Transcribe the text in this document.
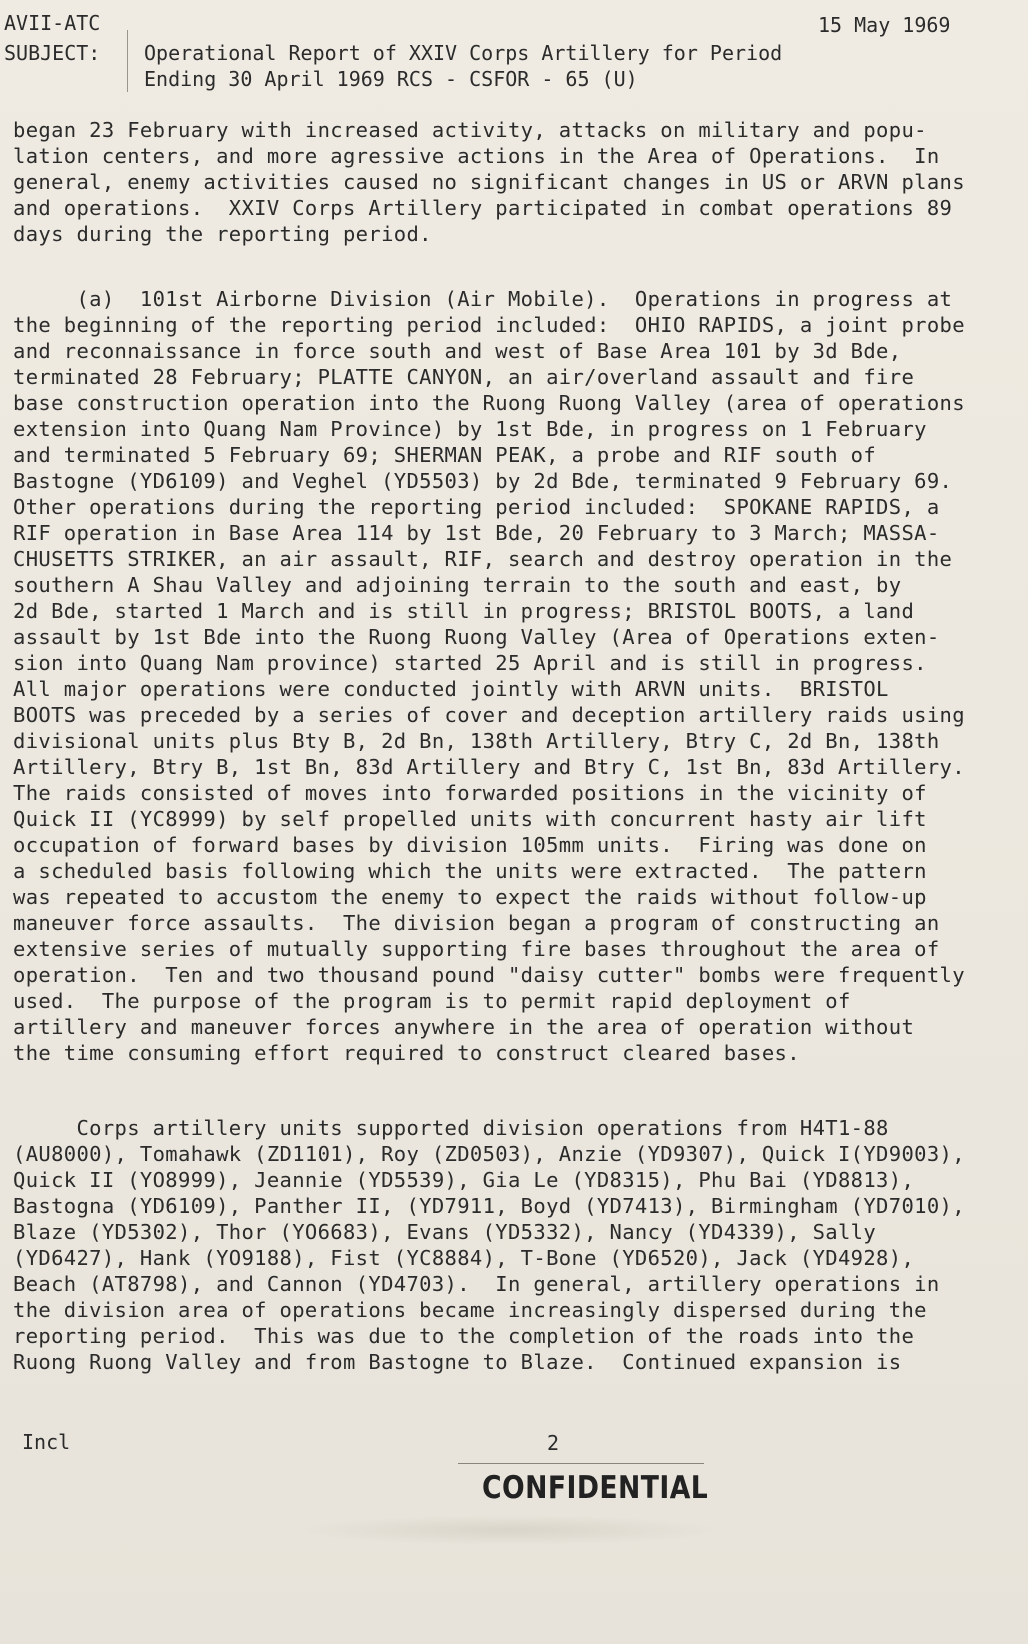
AVII-ATC	15 May 1969
SUBJECT: Operational Report of XXIV Corps Artillery for Period
Ending 30 April 1969 RCS - CSFOR - 65 (U)
began 23 February with increased activity, attacks on military and popu-
lation centers, and more agressive actions in the Area of Operations.  In
general, enemy activities caused no significant changes in US or ARVN plans
and operations.  XXIV Corps Artillery participated in combat operations 89
days during the reporting period.
(a)  101st Airborne Division (Air Mobile).  Operations in progress at
the beginning of the reporting period included:  OHIO RAPIDS, a joint probe
and reconnaissance in force south and west of Base Area 101 by 3d Bde,
terminated 28 February; PLATTE CANYON, an air/overland assault and fire
base construction operation into the Ruong Ruong Valley (area of operations
extension into Quang Nam Province) by 1st Bde, in progress on 1 February
and terminated 5 February 69; SHERMAN PEAK, a probe and RIF south of
Bastogne (YD6109) and Veghel (YD5503) by 2d Bde, terminated 9 February 69.
Other operations during the reporting period included:  SPOKANE RAPIDS, a
RIF operation in Base Area 114 by 1st Bde, 20 February to 3 March; MASSA-
CHUSETTS STRIKER, an air assault, RIF, search and destroy operation in the
southern A Shau Valley and adjoining terrain to the south and east, by
2d Bde, started 1 March and is still in progress; BRISTOL BOOTS, a land
assault by 1st Bde into the Ruong Ruong Valley (Area of Operations exten-
sion into Quang Nam province) started 25 April and is still in progress.
All major operations were conducted jointly with ARVN units.  BRISTOL
BOOTS was preceded by a series of cover and deception artillery raids using
divisional units plus Bty B, 2d Bn, 138th Artillery, Btry C, 2d Bn, 138th
Artillery, Btry B, 1st Bn, 83d Artillery and Btry C, 1st Bn, 83d Artillery.
The raids consisted of moves into forwarded positions in the vicinity of
Quick II (YC8999) by self propelled units with concurrent hasty air lift
occupation of forward bases by division 105mm units.  Firing was done on
a scheduled basis following which the units were extracted.  The pattern
was repeated to accustom the enemy to expect the raids without follow-up
maneuver force assaults.  The division began a program of constructing an
extensive series of mutually supporting fire bases throughout the area of
operation.  Ten and two thousand pound "daisy cutter" bombs were frequently
used.  The purpose of the program is to permit rapid deployment of
artillery and maneuver forces anywhere in the area of operation without
the time consuming effort required to construct cleared bases.
Corps artillery units supported division operations from H4T1-88
(AU8000), Tomahawk (ZD1101), Roy (ZD0503), Anzie (YD9307), Quick I(YD9003),
Quick II (YO8999), Jeannie (YD5539), Gia Le (YD8315), Phu Bai (YD8813),
Bastogna (YD6109), Panther II, (YD7911, Boyd (YD7413), Birmingham (YD7010),
Blaze (YD5302), Thor (YO6683), Evans (YD5332), Nancy (YD4339), Sally
(YD6427), Hank (YO9188), Fist (YC8884), T-Bone (YD6520), Jack (YD4928),
Beach (AT8798), and Cannon (YD4703).  In general, artillery operations in
the division area of operations became increasingly dispersed during the
reporting period.  This was due to the completion of the roads into the
Ruong Ruong Valley and from Bastogne to Blaze.  Continued expansion is
Incl	2
CONFIDENTIAL
